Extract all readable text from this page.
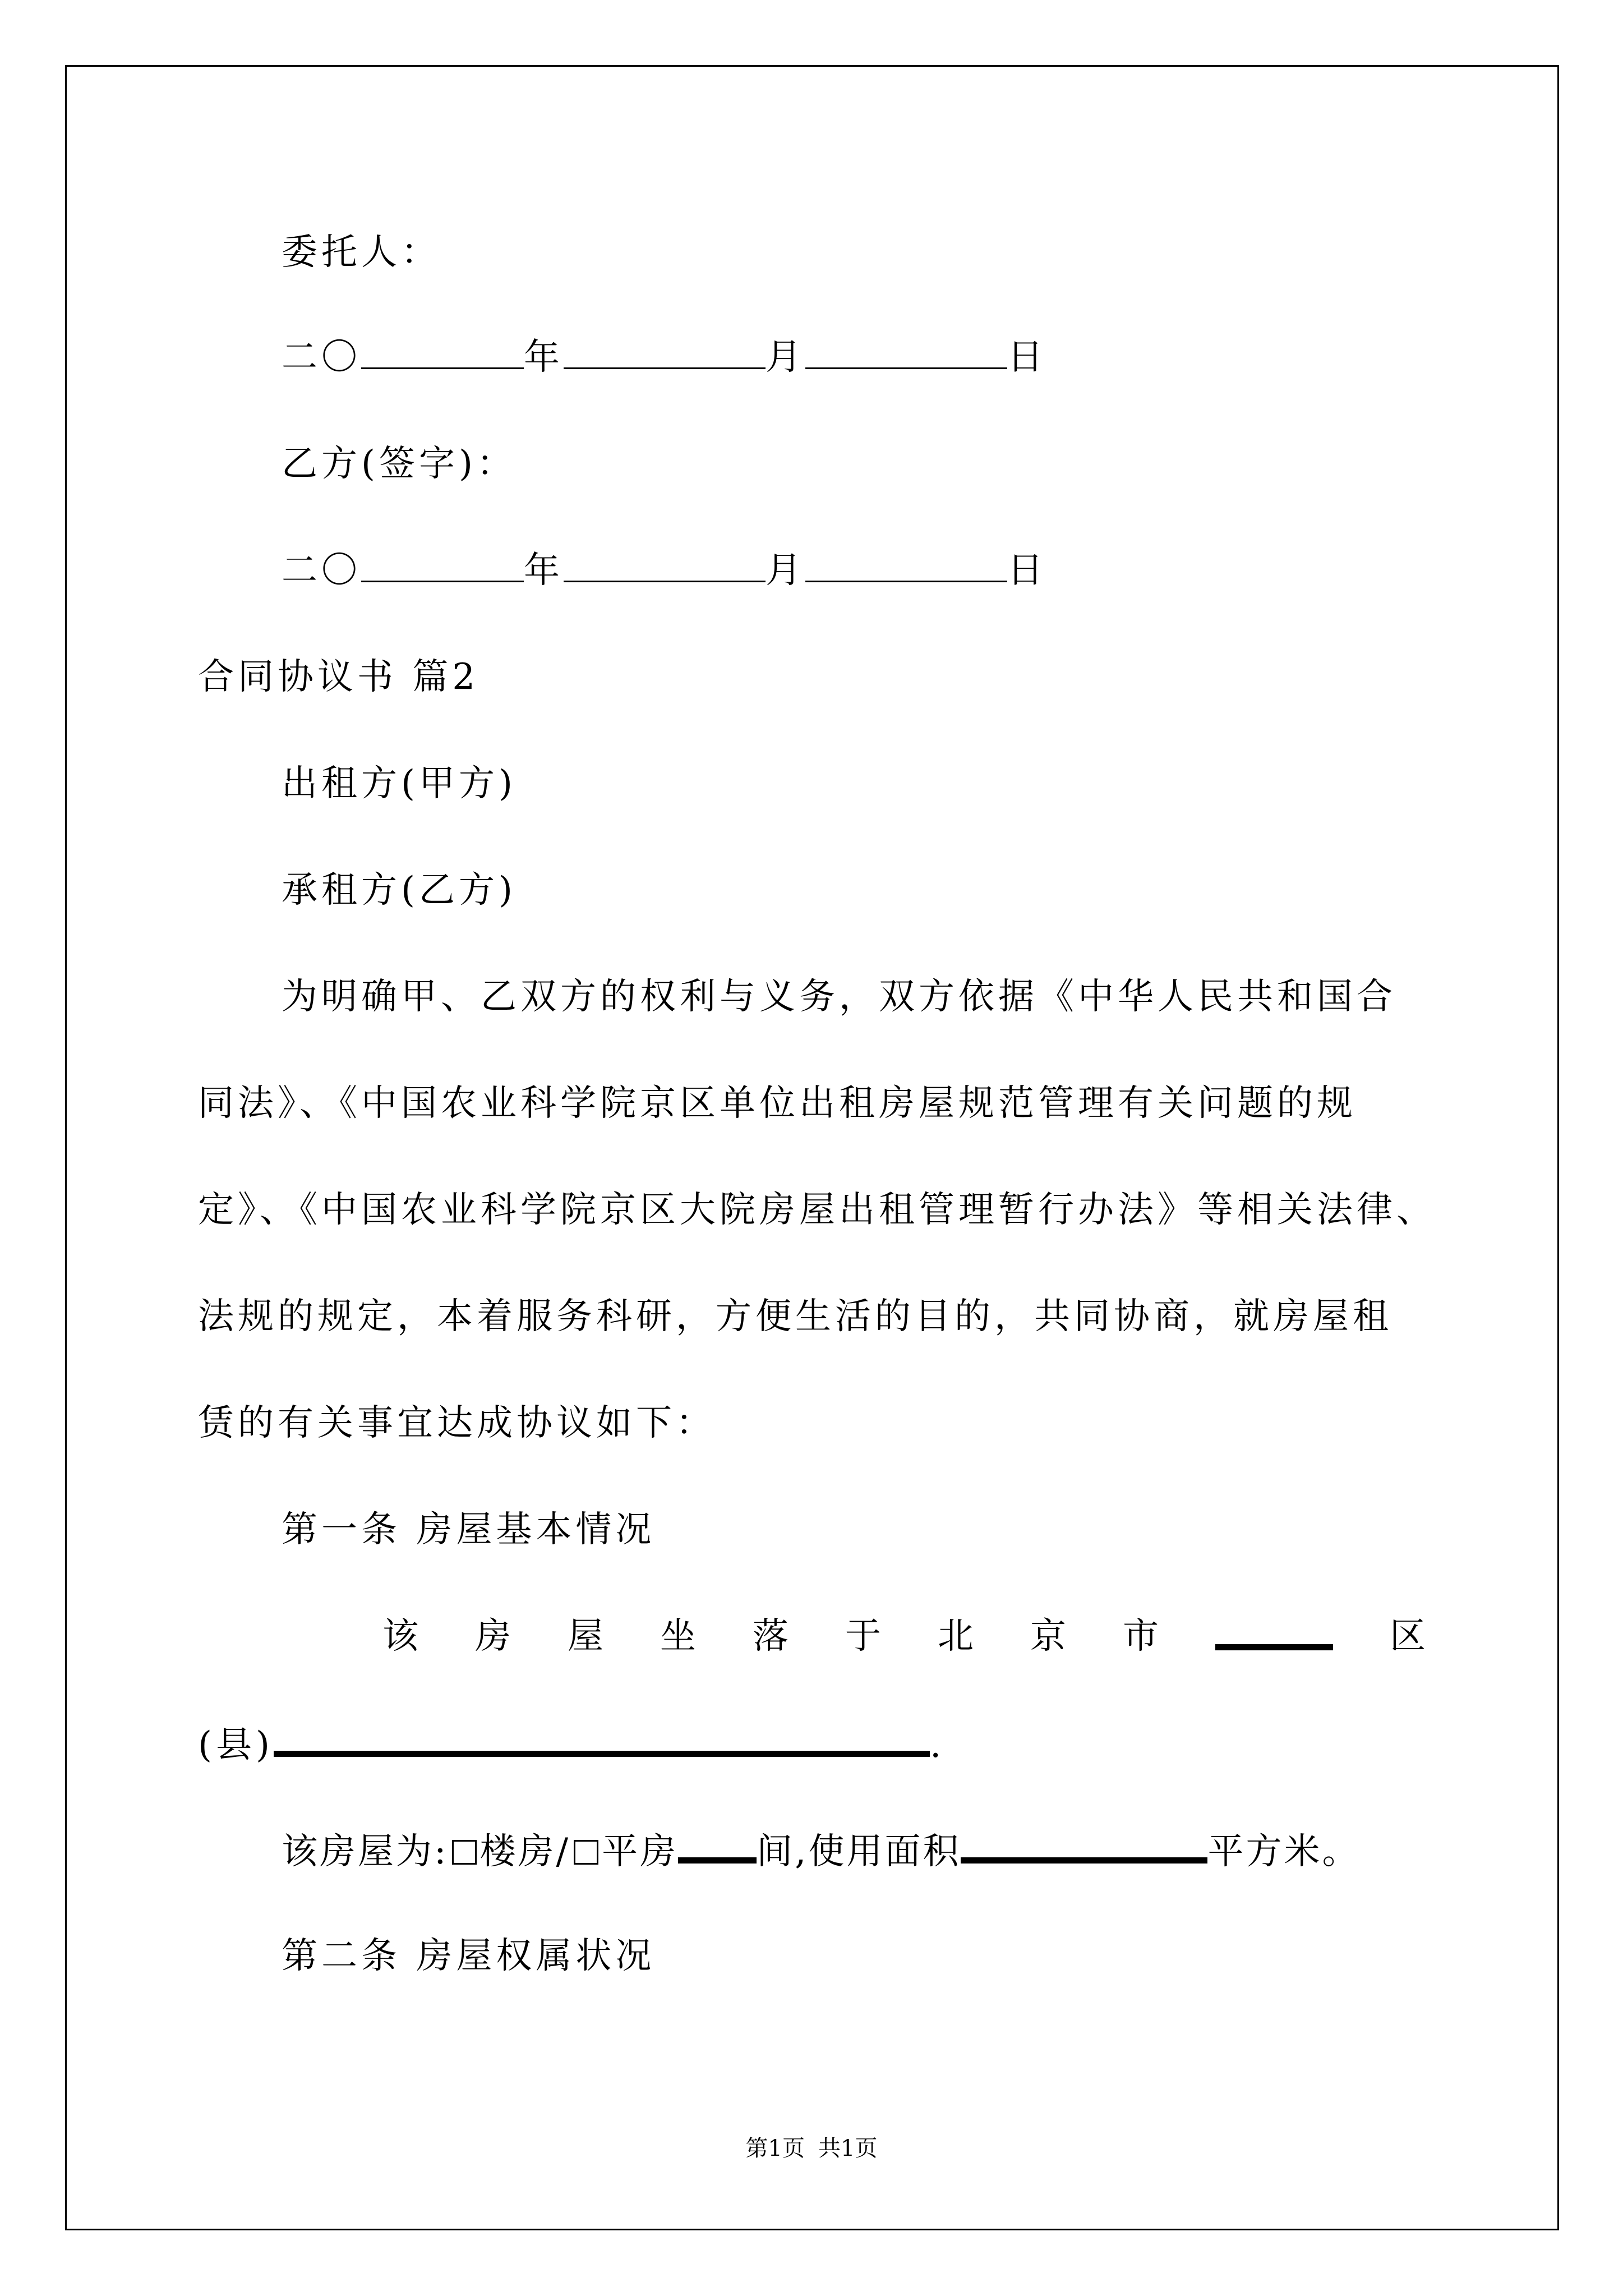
委托人：
二〇	年	月	日
乙方(签字)：
二〇	年	月	日
合同协议书 篇2
出租方(甲方)
承租方(乙方)
为明确甲、乙双方的权利与义务，双方依据《中华人民共和国合
同法》、《中国农业科学院京区单位出租房屋规范管理有关问题的规
定》、《中国农业科学院京区大院房屋出租管理暂行办法》等相关法律、
法规的规定，本着服务科研，方便生活的目的，共同协商，就房屋租
赁的有关事宜达成协议如下：
第一条 房屋基本情况
该 房 屋 坐 落 于 北 京 市	区
(县)	.
该房屋为: 楼房/ 平房 间,使用面积	平方米。
第二条 房屋权属状况
第1页 共1页
